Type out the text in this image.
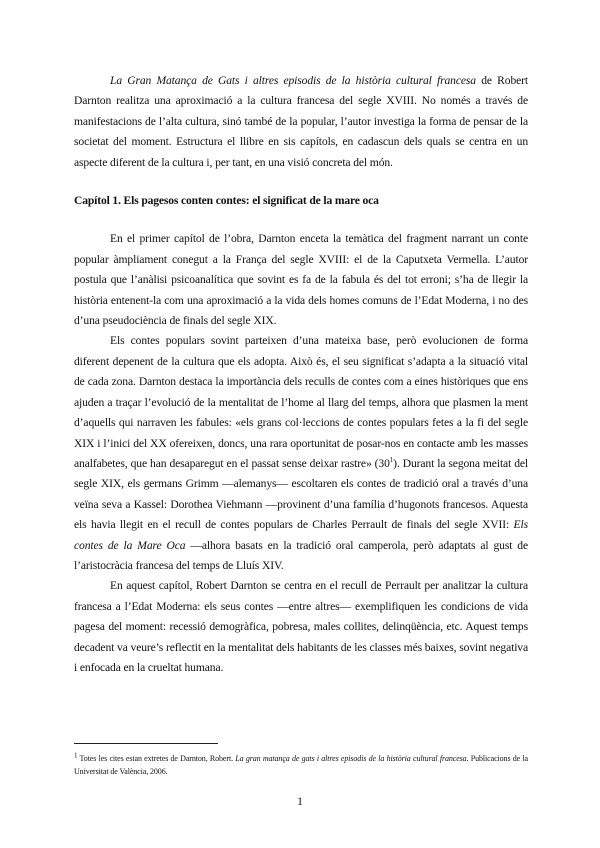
La Gran Matança de Gats i altres episodis de la història cultural francesa de Robert Darnton realitza una aproximació a la cultura francesa del segle XVIII. No només a través de manifestacions de l’alta cultura, sinó també de la popular, l’autor investiga la forma de pensar de la societat del moment. Estructura el llibre en sis capítols, en cadascun dels quals se centra en un aspecte diferent de la cultura i, per tant, en una visió concreta del món.

Capítol 1. Els pagesos conten contes: el significat de la mare oca

En el primer capítol de l’obra, Darnton enceta la temàtica del fragment narrant un conte popular àmpliament conegut a la França del segle XVIII: el de la Caputxeta Vermella. L’autor postula que l’anàlisi psicoanalítica que sovint es fa de la fabula és del tot erroni; s’ha de llegir la història entenent-la com una aproximació a la vida dels homes comuns de l’Edat Moderna, i no des d’una pseudociència de finals del segle XIX.

Els contes populars sovint parteixen d’una mateixa base, però evolucionen de forma diferent depenent de la cultura que els adopta. Això és, el seu significat s’adapta a la situació vital de cada zona. Darnton destaca la importància dels reculls de contes com a eines històriques que ens ajuden a traçar l’evolució de la mentalitat de l’home al llarg del temps, alhora que plasmen la ment d’aquells qui narraven les fabules: «els grans col·leccions de contes populars fetes a la fi del segle XIX i l’inici del XX ofereixen, doncs, una rara oportunitat de posar-nos en contacte amb les masses analfabetes, que han desaparegut en el passat sense deixar rastre» $(30^1)$. Durant la segona meitat del segle XIX, els germans Grimm —alemanys— escoltaren els contes de tradició oral a través d’una veïna seva a Kassel: Dorothea Viehmann —provinent d’una família d’hugonots francesos. Aquesta els havia llegit en el recull de contes populars de Charles Perrault de finals del segle XVII: Els contes de la Mare Oca —alhora basats en la tradició oral camperola, però adaptats al gust de l’aristocràcia francesa del temps de Lluís XIV.

En aquest capítol, Robert Darnton se centra en el recull de Perrault per analitzar la cultura francesa a l’Edat Moderna: els seus contes —entre altres— exemplifiquen les condicions de vida pagesa del moment: recessió demogràfica, pobresa, males collites, delinqüència, etc. Aquest temps decadent va veure’s reflectit en la mentalitat dels habitants de les classes més baixes, sovint negativa i enfocada en la crueltat humana.

$^1$ Totes les cites estan extretes de Darnton, Robert. La gran matança de gats i altres episodis de la història cultural francesa. Publicacions de la Universitat de València, 2006.
1
